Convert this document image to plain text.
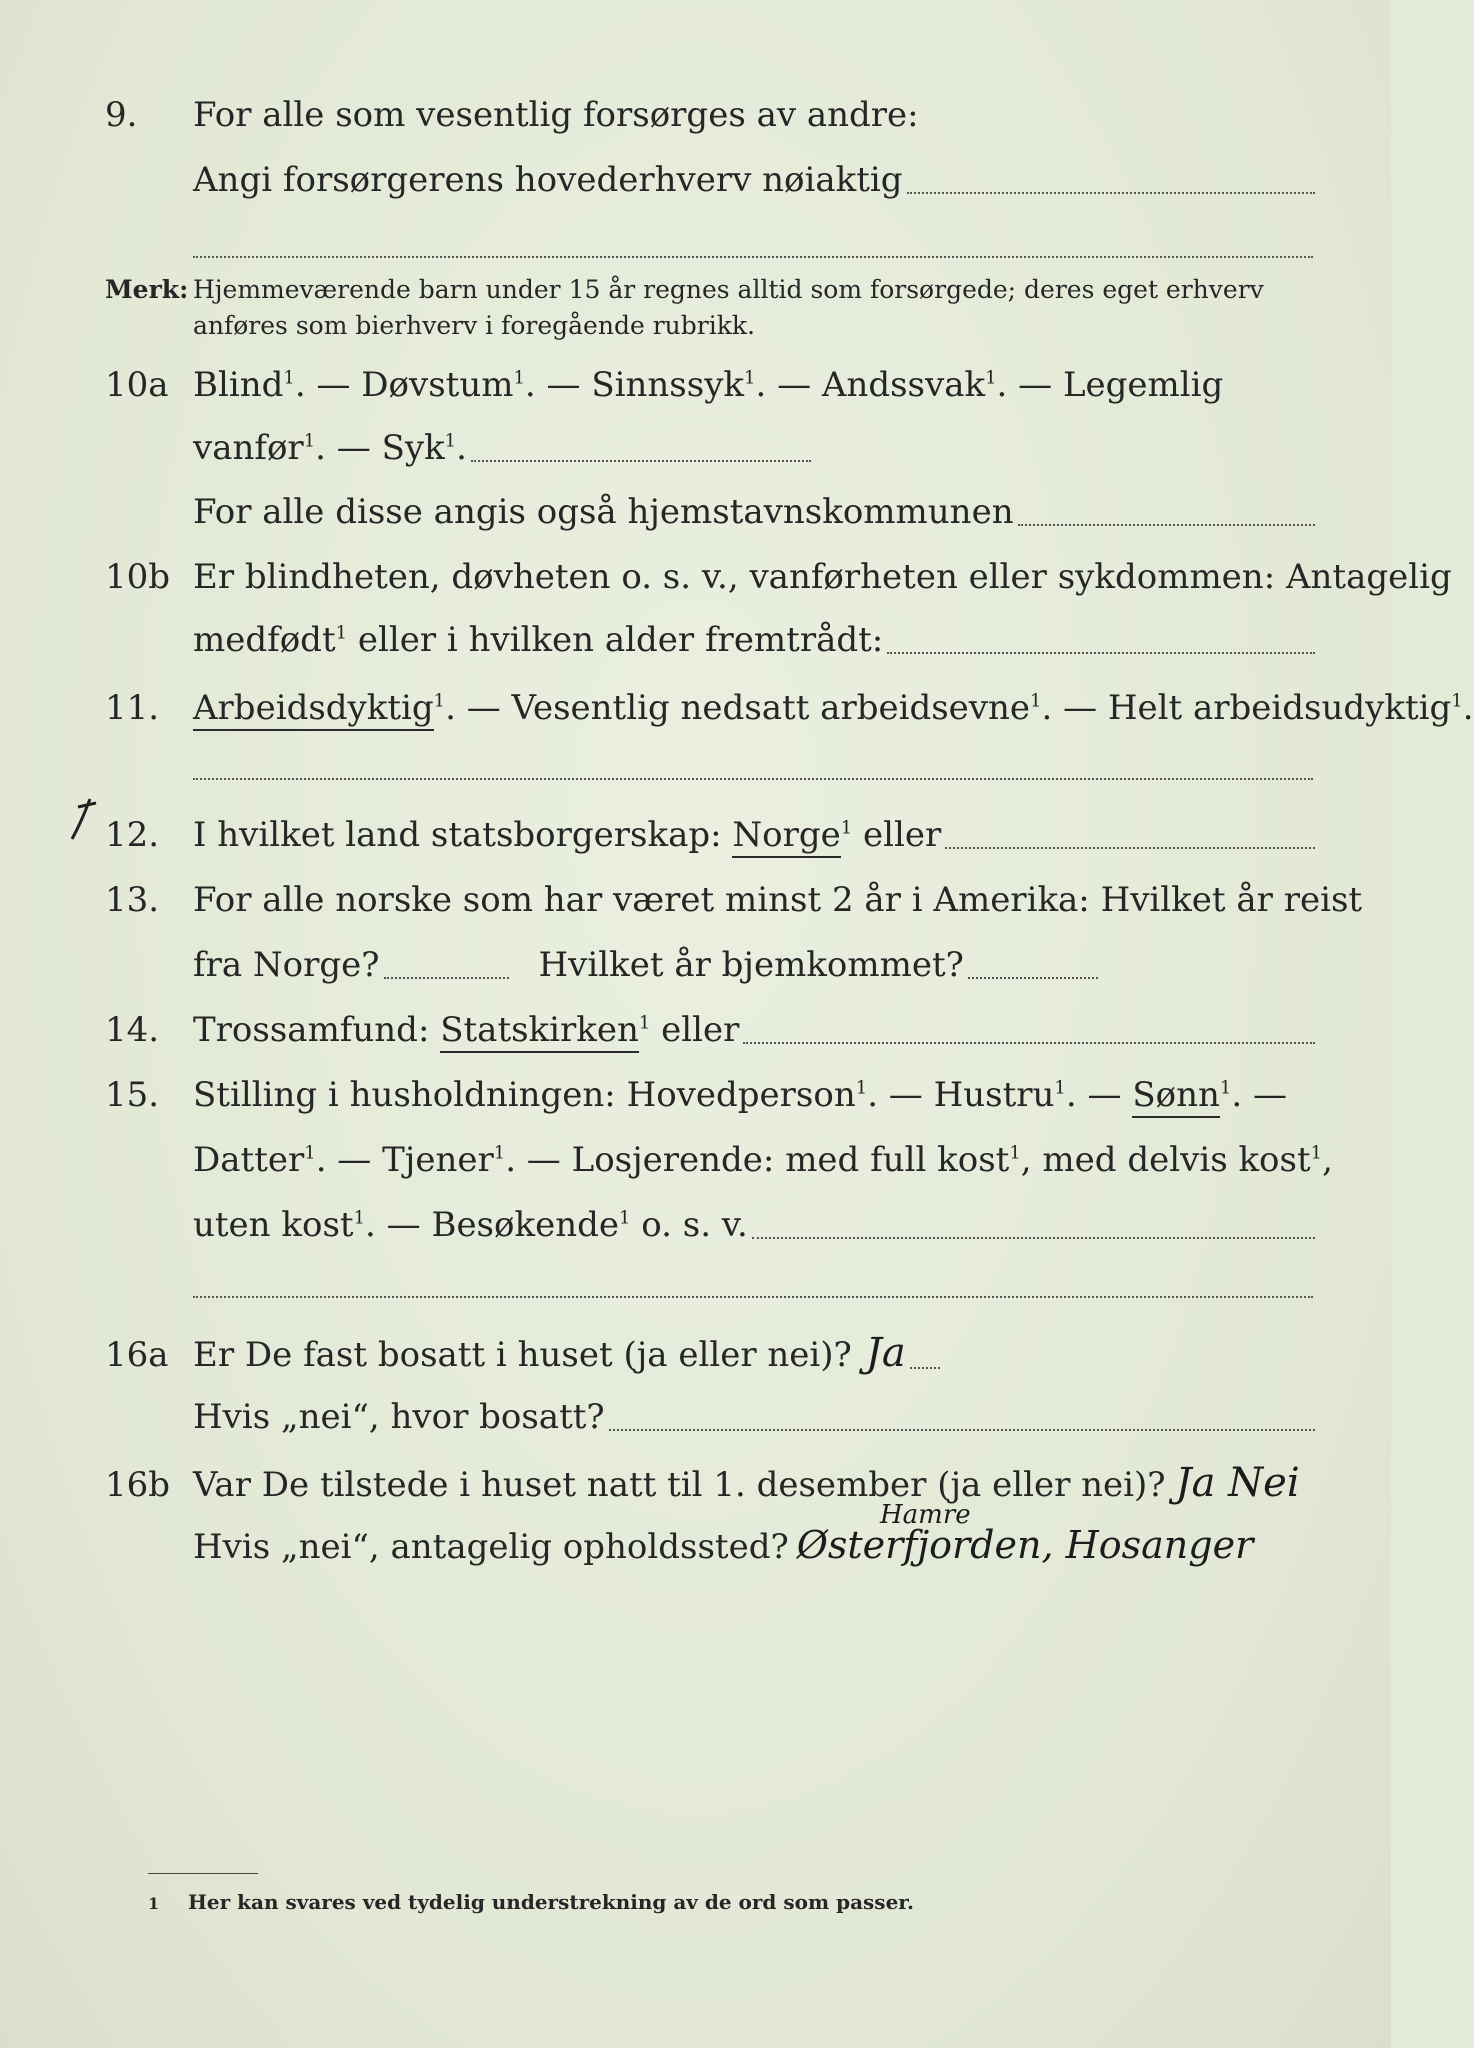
9.	For alle som vesentlig forsørges av andre:
Angi forsørgerens hovederhverv nøiaktig
Merk: Hjemmeværende barn under 15 år regnes alltid som forsørgede; deres eget erhverv
anføres som bierhverv i foregående rubrikk.
10a Blind$^1$. — Døvstum$^1$. — Sinnssyk$^1$. — Andssvak$^1$. — Legemlig
vanfør$^1$. — Syk$^1$.
For alle disse angis også hjemstavnskommunen
10b Er blindheten, døvheten o. s. v., vanførheten eller sykdommen: Antagelig
medfødt$^1$ eller i hvilken alder fremtrådt:
11. Arbeidsdyktig$^1$. — Vesentlig nedsatt arbeidsevne$^1$. — Helt arbeidsudyktig$^1$.
12. I hvilket land statsborgerskap: Norge$^1$ eller
13. For alle norske som har været minst 2 år i Amerika: Hvilket år reist
fra Norge?	Hvilket år bjemkommet?
14. Trossamfund: Statskirken$^1$ eller
15. Stilling i husholdningen: Hovedperson$^1$. — Hustru$^1$. — Sønn$^1$. —
Datter$^1$. — Tjener$^1$. — Losjerende: med full kost$^1$, med delvis kost$^1$,
uten kost$^1$. — Besøkende$^1$ o. s. v.
16a Er De fast bosatt i huset (ja eller nei)? Ja
Hvis „nei“, hvor bosatt?
16b Var De tilstede i huset natt til 1. desember (ja eller nei)? Ja Nei
Hamre
Hvis „nei“, antagelig opholdssted? Østerfjorden, Hosanger
1 Her kan svares ved tydelig understrekning av de ord som passer.
